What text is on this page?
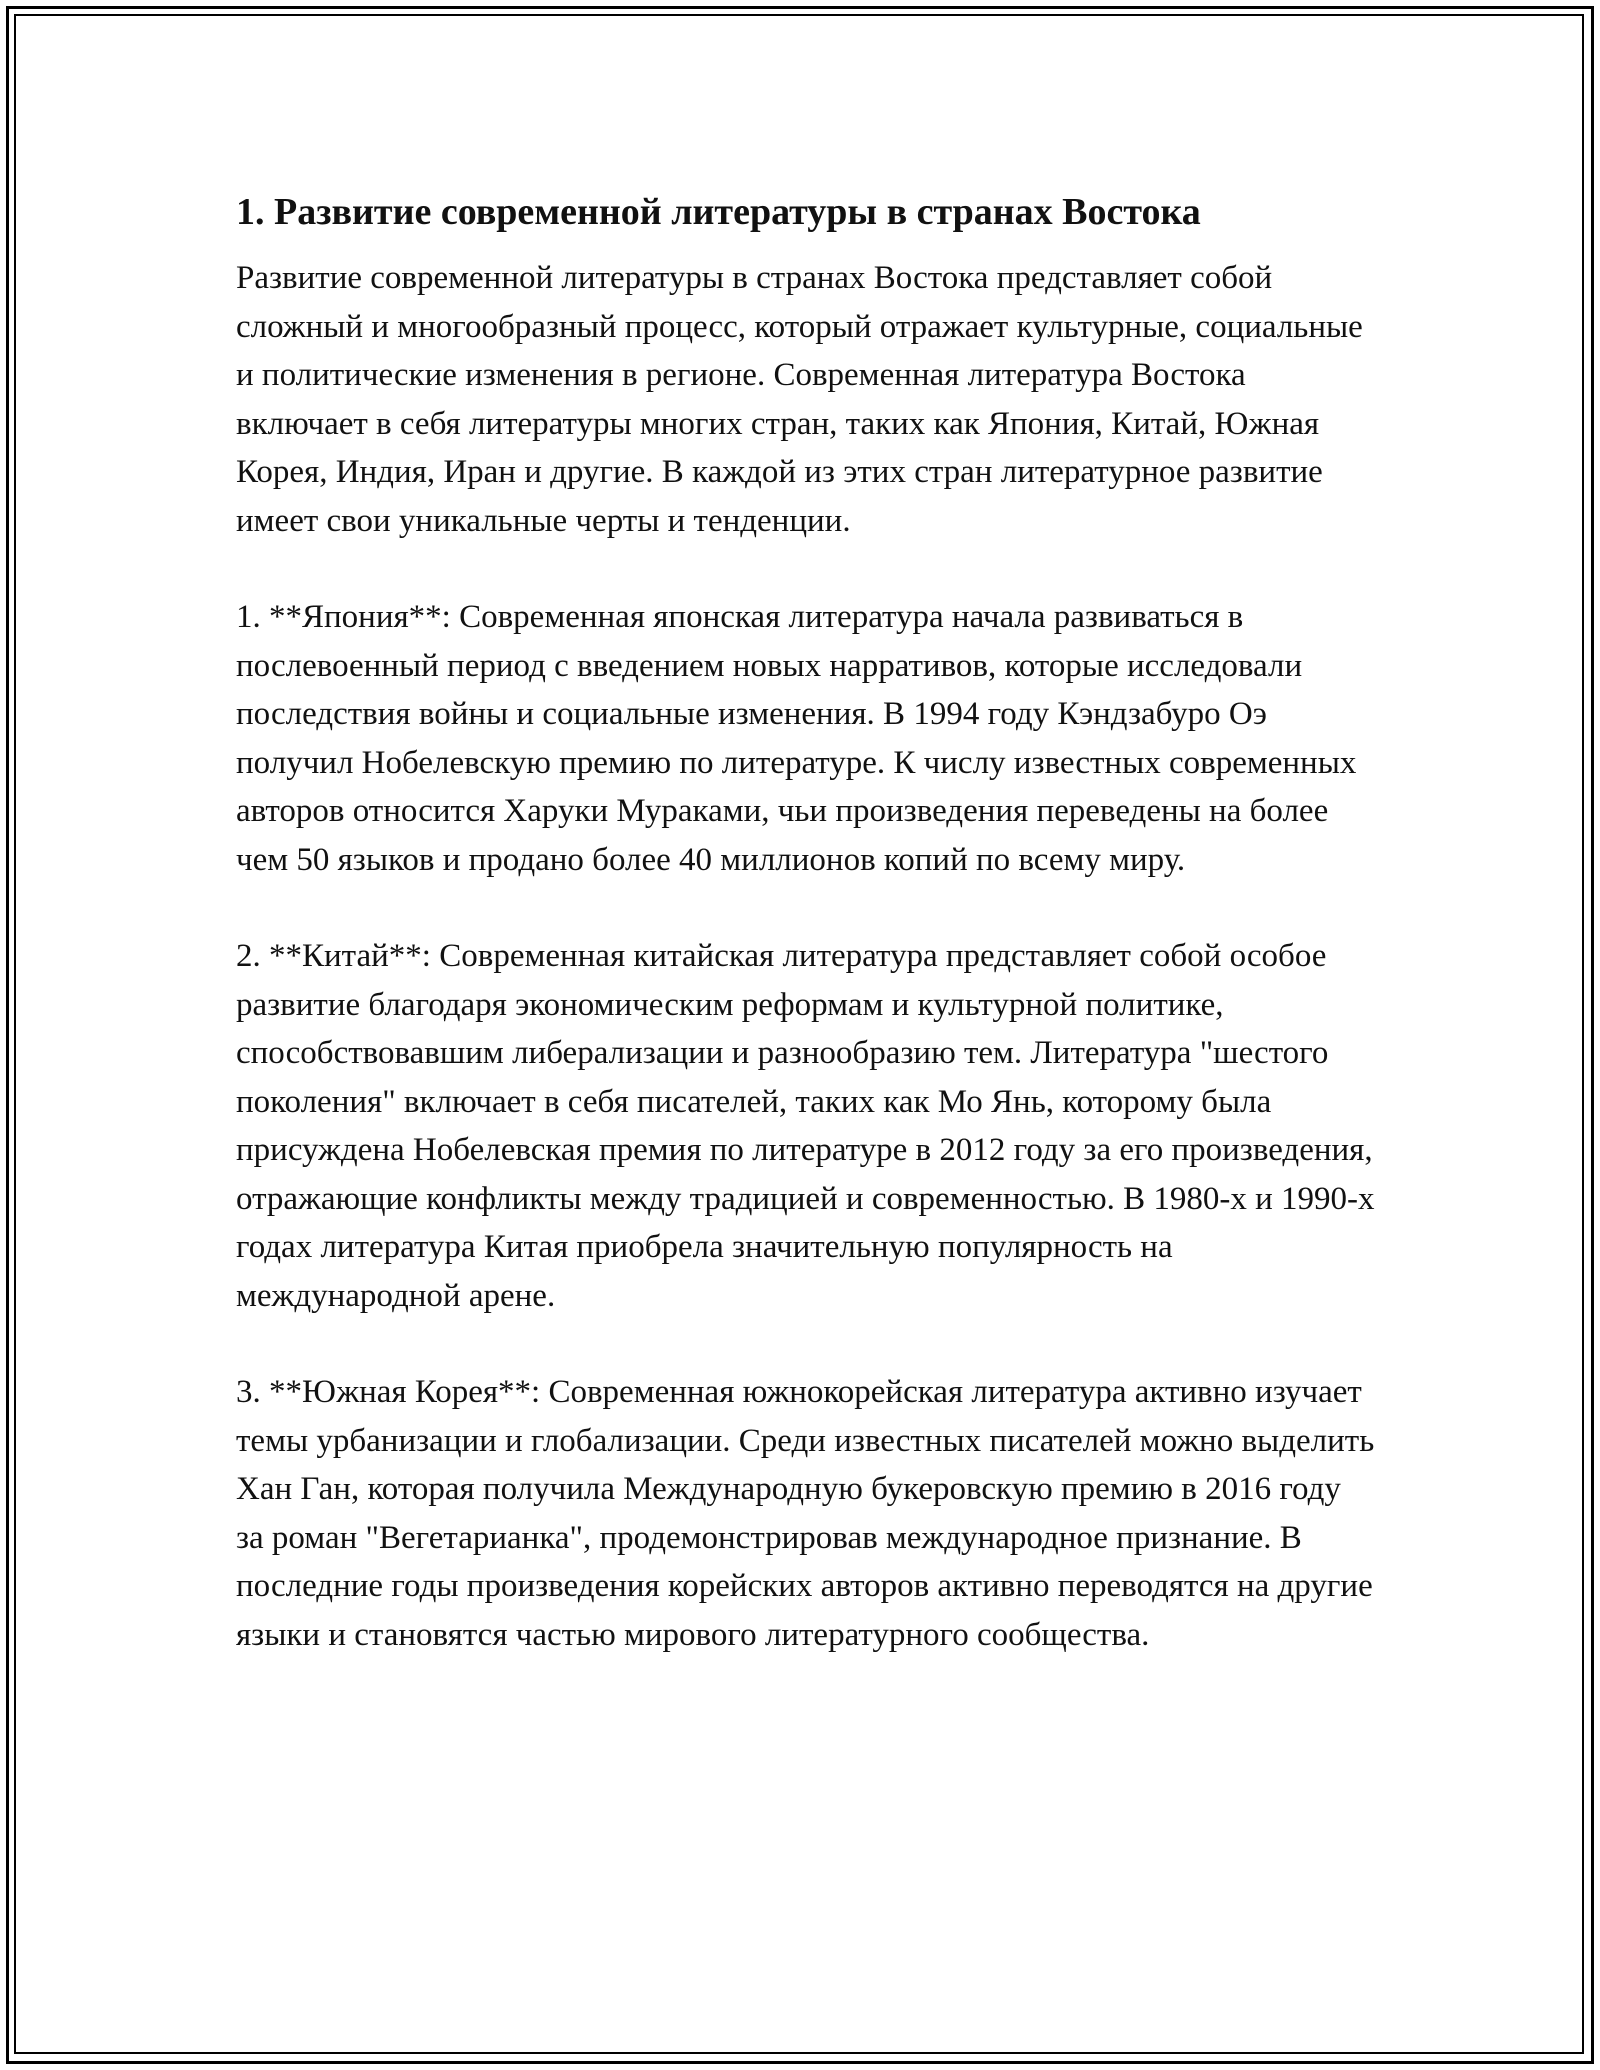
1. Развитие современной литературы в странах Востока

Развитие современной литературы в странах Востока представляет собой сложный и многообразный процесс, который отражает культурные, социальные и политические изменения в регионе. Современная литература Востока включает в себя литературы многих стран, таких как Япония, Китай, Южная Корея, Индия, Иран и другие. В каждой из этих стран литературное развитие имеет свои уникальные черты и тенденции.

1. **Япония**: Современная японская литература начала развиваться в послевоенный период с введением новых нарративов, которые исследовали последствия войны и социальные изменения. В 1994 году Кэндзабуро Оэ получил Нобелевскую премию по литературе. К числу известных современных авторов относится Харуки Мураками, чьи произведения переведены на более чем 50 языков и продано более 40 миллионов копий по всему миру.

2. **Китай**: Современная китайская литература представляет собой особое развитие благодаря экономическим реформам и культурной политике, способствовавшим либерализации и разнообразию тем. Литература "шестого поколения" включает в себя писателей, таких как Мо Янь, которому была присуждена Нобелевская премия по литературе в 2012 году за его произведения, отражающие конфликты между традицией и современностью. В 1980-х и 1990-х годах литература Китая приобрела значительную популярность на международной арене.

3. **Южная Корея**: Современная южнокорейская литература активно изучает темы урбанизации и глобализации. Среди известных писателей можно выделить Хан Ган, которая получила Международную букеровскую премию в 2016 году за роман "Вегетарианка", продемонстрировав международное признание. В последние годы произведения корейских авторов активно переводятся на другие языки и становятся частью мирового литературного сообщества.
